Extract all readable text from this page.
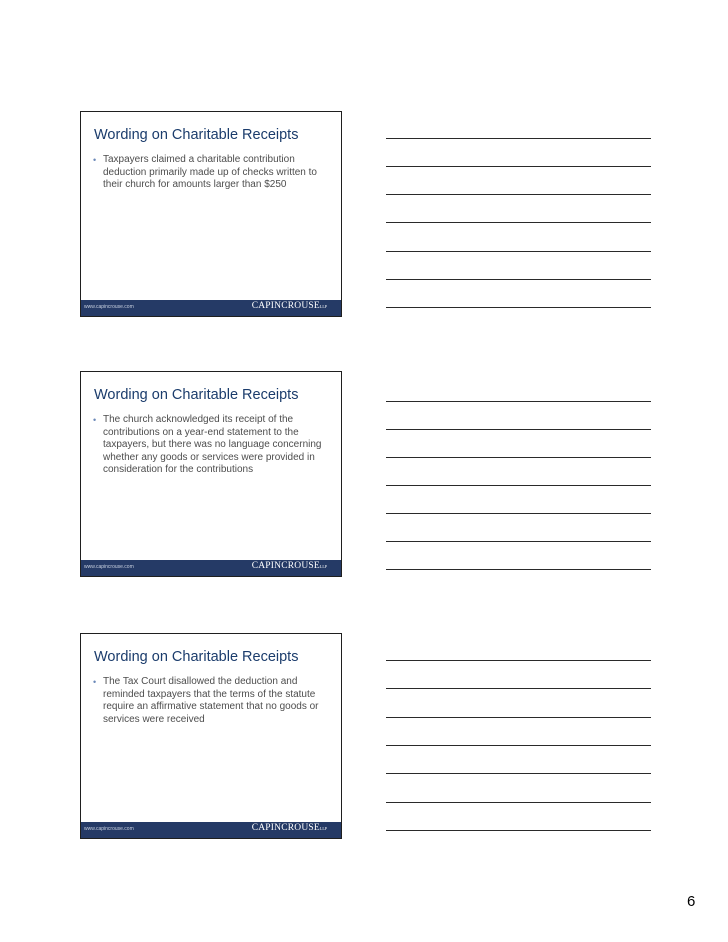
Wording on Charitable Receipts
• Taxpayers claimed a charitable contribution deduction primarily made up of checks written to their church for amounts larger than $250
www.capincrouse.com	CAPINCROUSELLP
Wording on Charitable Receipts
• The church acknowledged its receipt of the contributions on a year-end statement to the taxpayers, but there was no language concerning whether any goods or services were provided in consideration for the contributions
www.capincrouse.com	CAPINCROUSELLP
Wording on Charitable Receipts
• The Tax Court disallowed the deduction and reminded taxpayers that the terms of the statute require an affirmative statement that no goods or services were received
www.capincrouse.com	CAPINCROUSELLP
6
